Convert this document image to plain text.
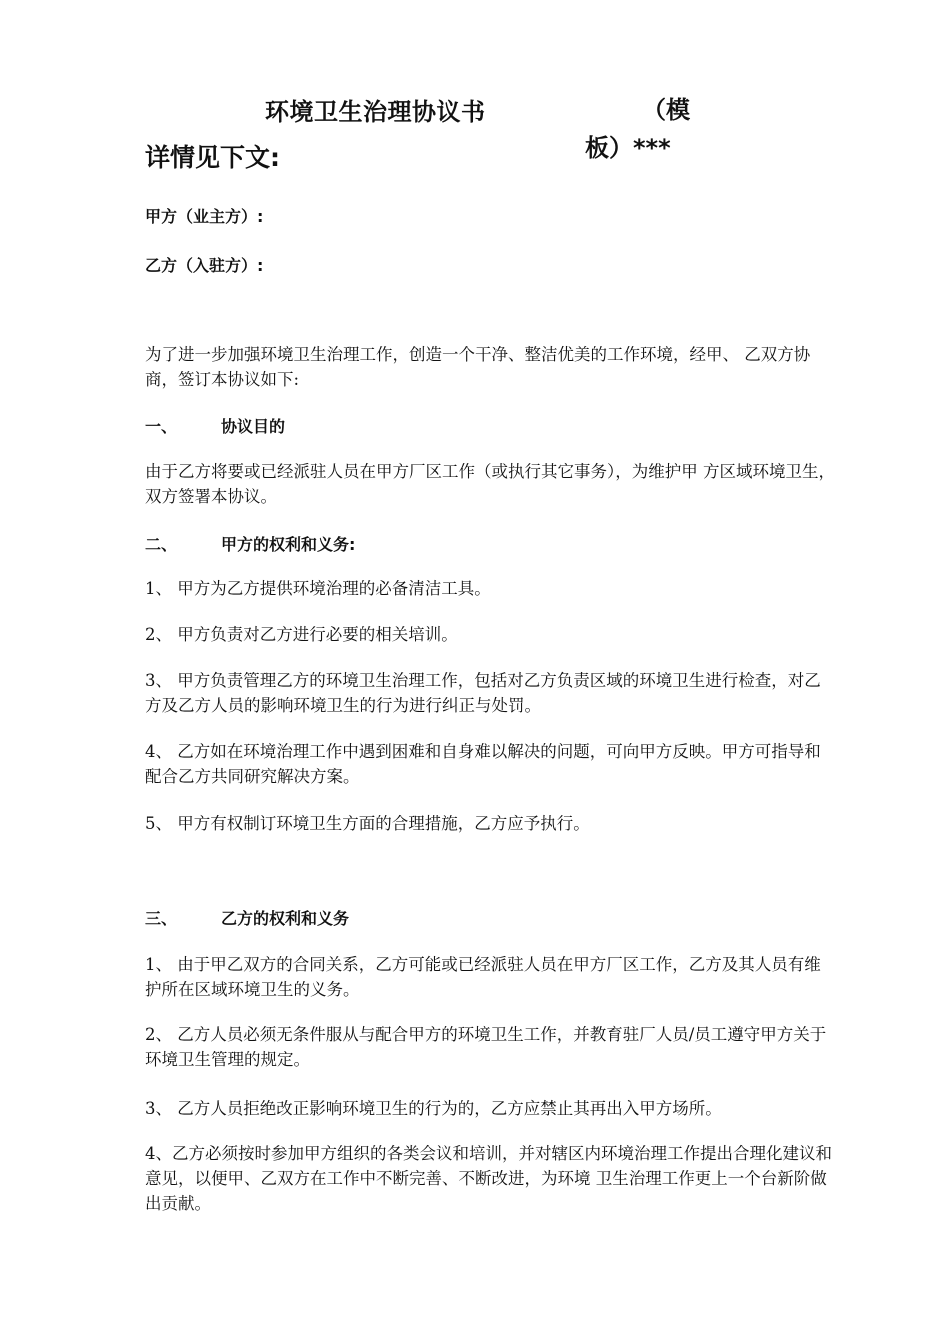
环境卫生治理协议书	（模
板）***
详情见下文:
甲方（业主方）:
乙方（入驻方）:
为了进一步加强环境卫生治理工作，创造一个干净、整洁优美的工作环境，经甲、 乙双方协商，签订本协议如下:
一、	协议目的
由于乙方将要或已经派驻人员在甲方厂区工作（或执行其它事务），为维护甲 方区域环境卫生，双方签署本协议。
二、	甲方的权利和义务:
1、 甲方为乙方提供环境治理的必备清洁工具。
2、 甲方负责对乙方进行必要的相关培训。
3、 甲方负责管理乙方的环境卫生治理工作，包括对乙方负责区域的环境卫生进行检查，对乙方及乙方人员的影响环境卫生的行为进行纠正与处罚。
4、 乙方如在环境治理工作中遇到困难和自身难以解决的问题，可向甲方反映。甲方可指导和配合乙方共同研究解决方案。
5、 甲方有权制订环境卫生方面的合理措施，乙方应予执行。
三、	乙方的权利和义务
1、 由于甲乙双方的合同关系，乙方可能或已经派驻人员在甲方厂区工作，乙方及其人员有维护所在区域环境卫生的义务。
2、 乙方人员必须无条件服从与配合甲方的环境卫生工作，并教育驻厂人员/员工遵守甲方关于环境卫生管理的规定。
3、 乙方人员拒绝改正影响环境卫生的行为的，乙方应禁止其再出入甲方场所。
4、乙方必须按时参加甲方组织的各类会议和培训，并对辖区内环境治理工作提出合理化建议和意见，以便甲、乙双方在工作中不断完善、不断改进，为环境 卫生治理工作更上一个台新阶做出贡献。
